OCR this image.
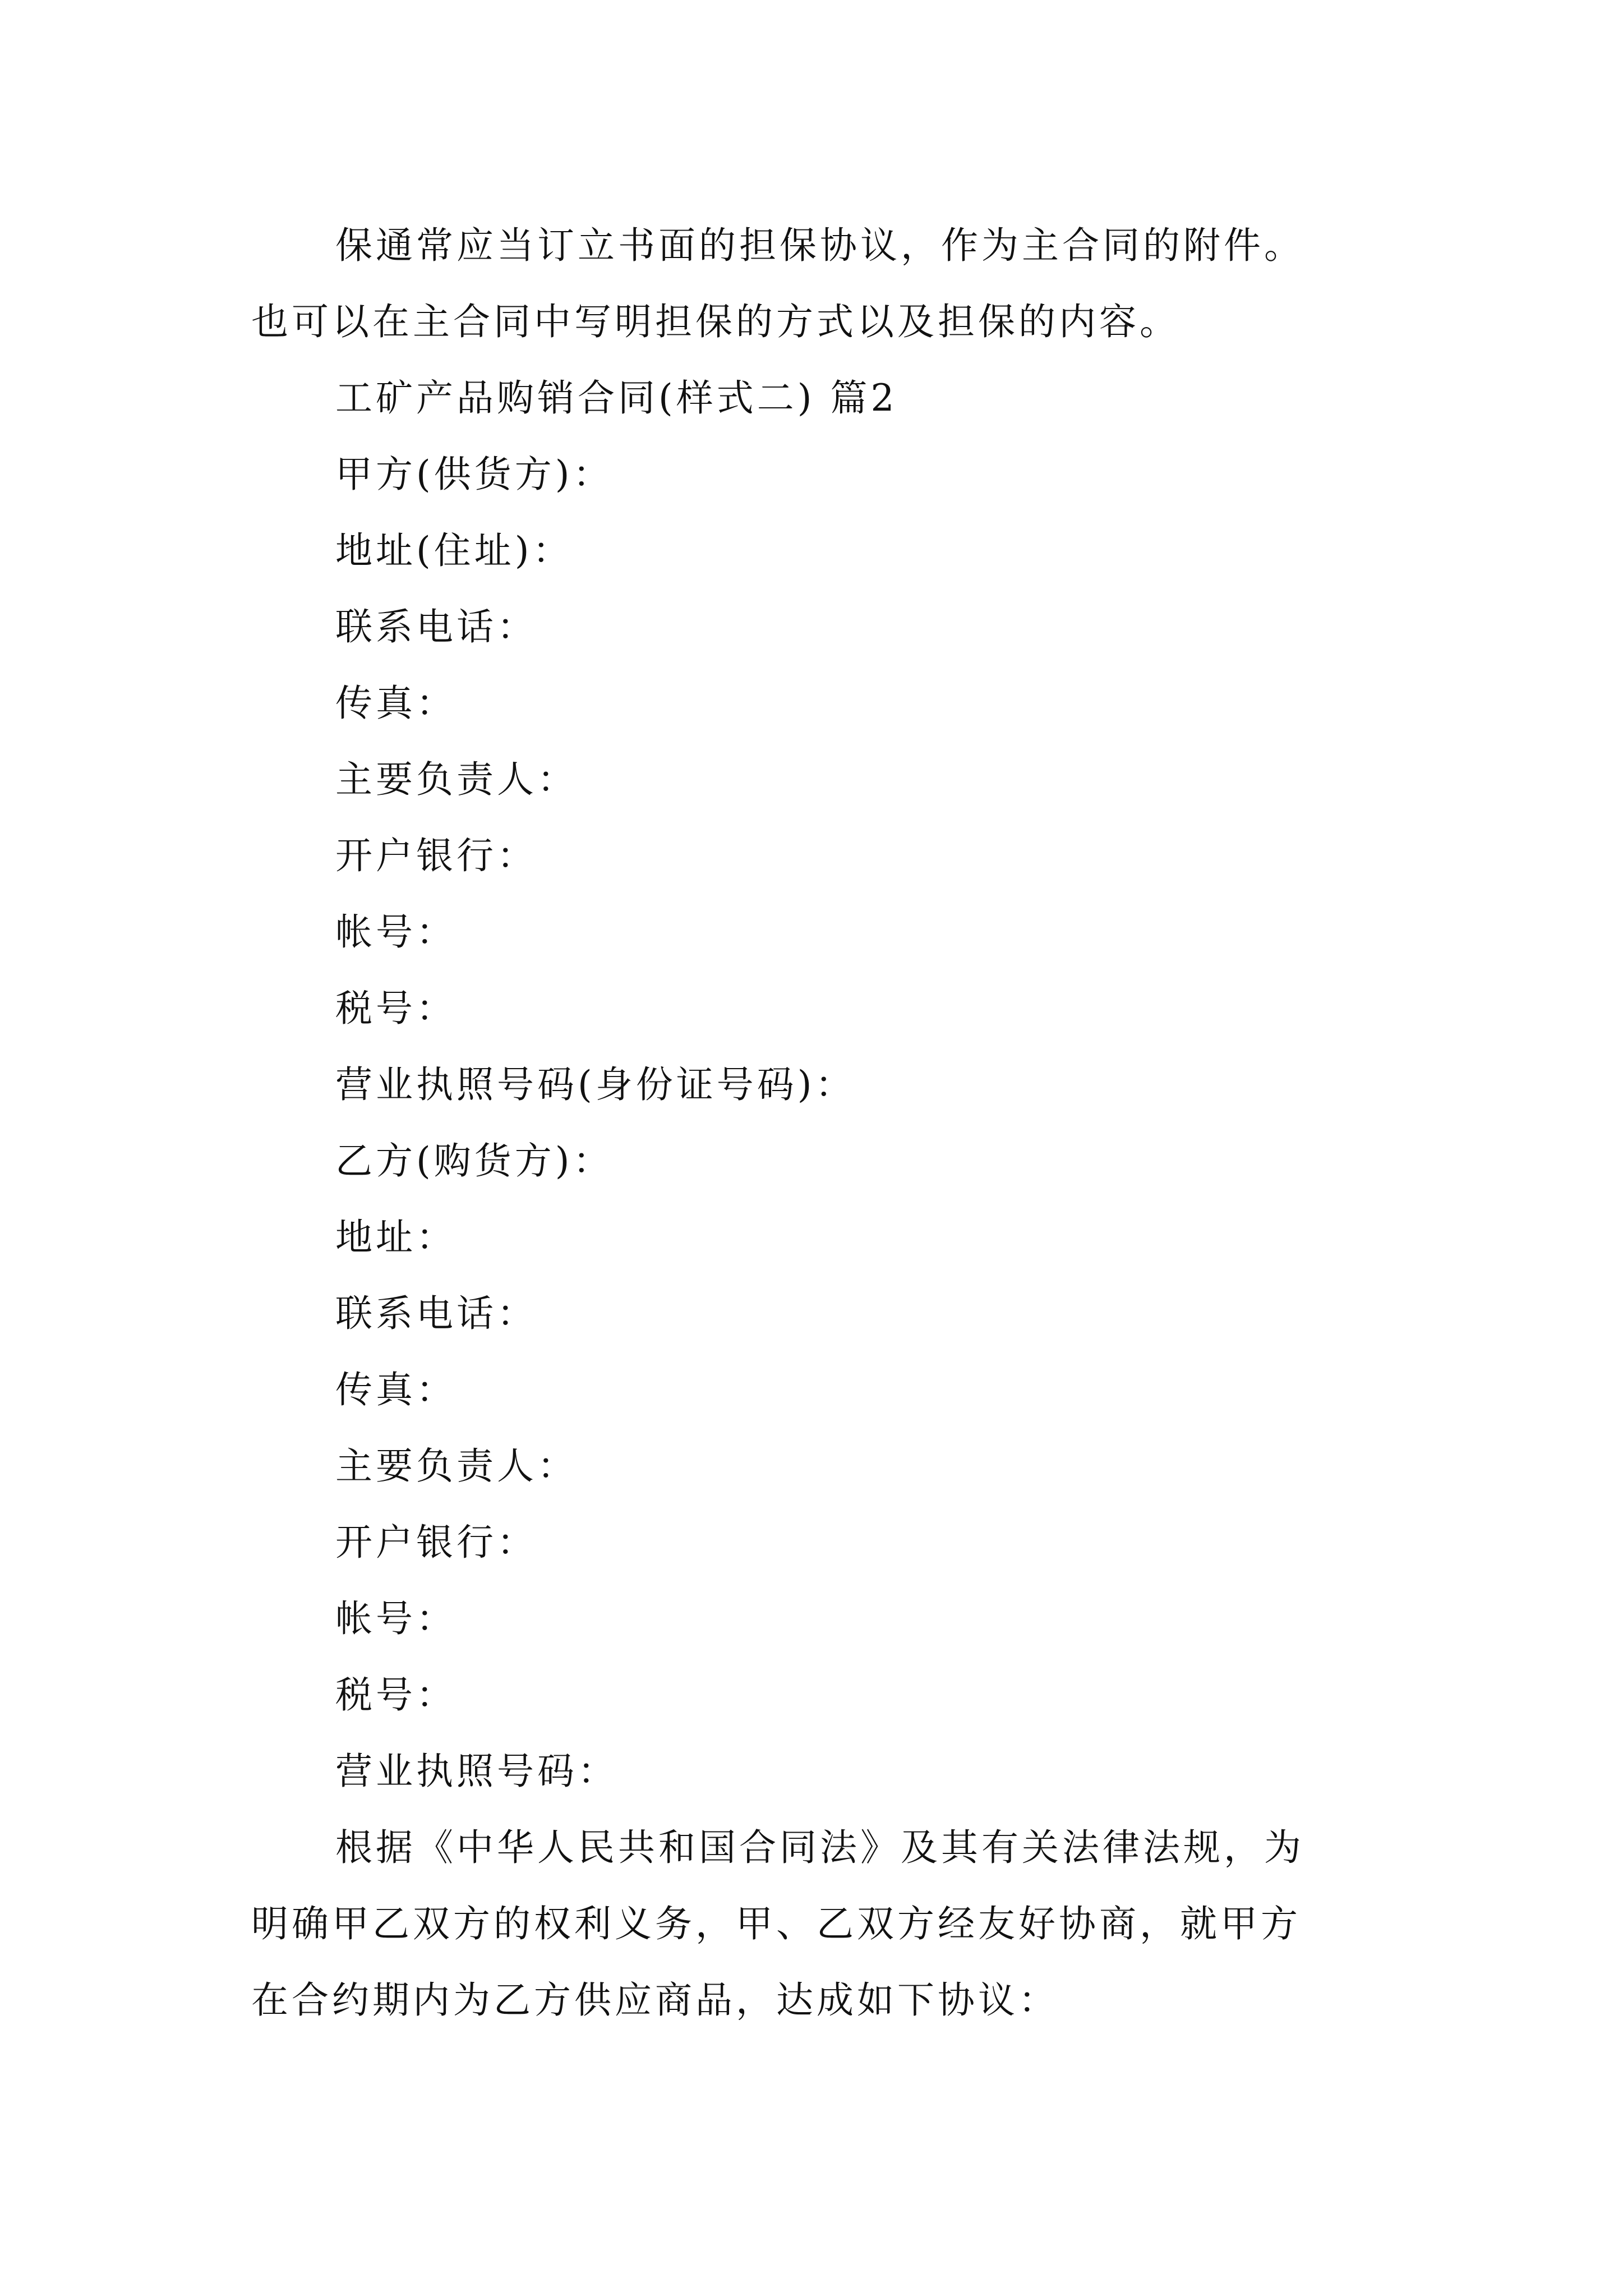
保通常应当订立书面的担保协议，作为主合同的附件。
也可以在主合同中写明担保的方式以及担保的内容。
工矿产品购销合同(样式二) 篇2
甲方(供货方)：
地址(住址)：
联系电话：
传真：
主要负责人：
开户银行：
帐号：
税号：
营业执照号码(身份证号码)：
乙方(购货方)：
地址：
联系电话：
传真：
主要负责人：
开户银行：
帐号：
税号：
营业执照号码：
根据《中华人民共和国合同法》及其有关法律法规，为
明确甲乙双方的权利义务，甲、乙双方经友好协商，就甲方
在合约期内为乙方供应商品，达成如下协议：
